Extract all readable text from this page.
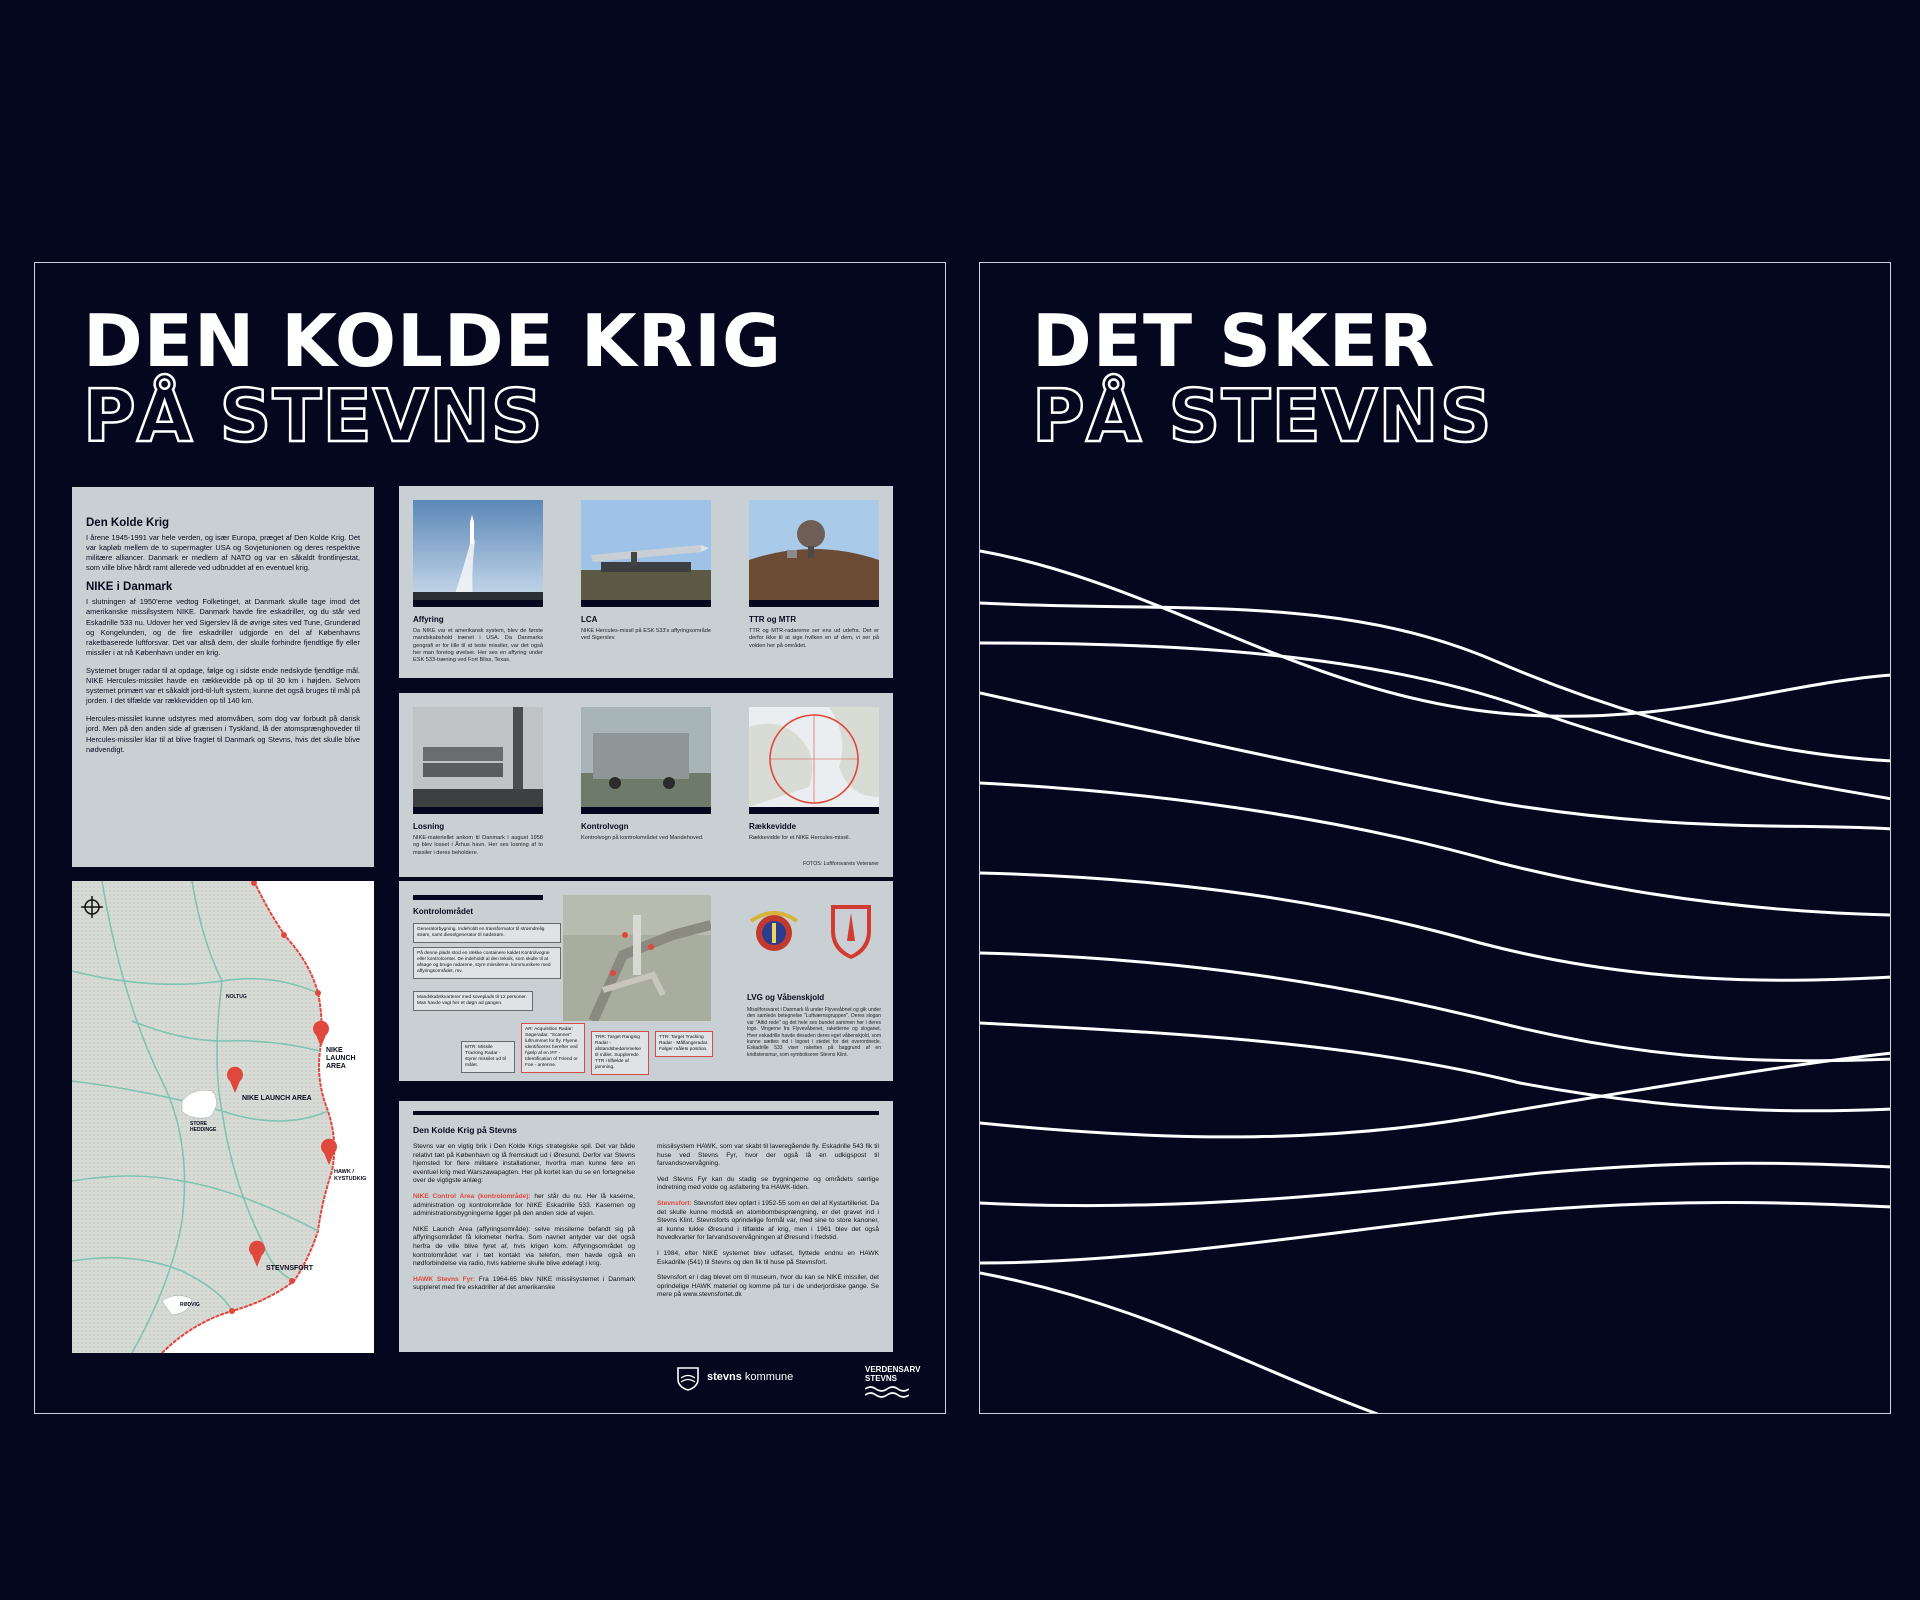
DEN KOLDE KRIG
PÅ STEVNS
Den Kolde Krig

I årene 1945-1991 var hele verden, og især Europa, præget af Den Kolde Krig. Det var kapløb mellem de to supermagter USA og Sovjetunionen og deres respektive militære alliancer. Danmark er medlem af NATO og var en såkaldt frontlinjestat, som ville blive hårdt ramt allerede ved udbruddet af en eventuel krig.

NIKE i Danmark

I slutningen af 1950'erne vedtog Folketinget, at Danmark skulle tage imod det amerikanske missilsystem NIKE. Danmark havde fire eskadriller, og du står ved Eskadrille 533 nu. Udover her ved Sigerslev lå de øvrige sites ved Tune, Grunderød og Kongelunden, og de fire eskadriller udgjorde en del af Københavns raketbaserede luftforsvar. Det var altså dem, der skulle forhindre fjendtlige fly eller missiler i at nå København under en krig.

Systemet bruger radar til at opdage, følge og i sidste ende nedskyde fjendtlige mål. NIKE Hercules-missilet havde en rækkevidde på op til 30 km i højden. Selvom systemet primært var et såkaldt jord-til-luft system, kunne det også bruges til mål på jorden. I det tilfælde var rækkevidden op til 140 km.

Hercules-missilet kunne udstyres med atomvåben, som dog var forbudt på dansk jord. Men på den anden side af grænsen i Tyskland, lå der atomsprænghoveder til Hercules-missiler klar til at blive fragtet til Danmark og Stevns, hvis det skulle blive nødvendigt.

Affyring

Da NIKE var et amerikansk system, blev de første mandskabshold trænet i USA. Da Danmarks geografi er for lille til at teste missiler, var det også her man foretog øvelser. Her ses en affyring under ESK 533-træning ved Fort Bliss, Texas.

LCA

NIKE Hercules-missil på ESK 533's affyringsområde ved Sigerslev.

TTR og MTR

TTR og MTR-radarerne ser ens ud udefra. Det er derfor ikke til at sige hvilken en af dem, vi ser på volden her på området.

Losning

NIKE-materiellet ankom til Danmark i august 1958 og blev losset i Århus havn. Her ses losning af to missiler i deres beholdere.

Kontrolvogn

Kontrolvogn på kontrolområdet ved Mandehoved.

Rækkevidde

Rækkevidde for et NIKE Hercules-missil.

FOTOS: Luftforsvarets Veteraner
Kontrolområdet
Generatorbygning. Indeholdt en transformator til strømdrelig strøm, samt dieselgenerator til nødstrøm.
På denne plads stod en række containere kaldet Kontrolvogne eller kontrolcenter. De indeholdt al den teknik, som skulle til at afsøge og bruge radarene, styre missilerne, kommunikere med affyringsområdet, mv.
Mandskabskvarterer med soveplads til 12 personer. Man havde vagt her et døgn ad gangen.
MTR: Missile Tracking Radar - styrer missilet ud til målet.
AR: Acquisition Radar: Søgeradar. "Scanner" luftrummet for fly. Flyene identificeres herefter ved hjælp af en IFF - Identification of Friend or Foe - antenne.
TRR: Target Ranging Radar - afstandsbedømmelse til målet. Supplerede TTR i tilfælde af jamming.
TTR: Target Tracking Radar - Målfangeradar. Følger målets position.
LVG og Våbenskjold
Missilforsvaret i Danmark lå under Flyvevåbnet og gik under den samlede betegnelse "Luftværnsgruppen". Deres slogan var "Altid rede" og det hele ses bundet sammen her i deres logo. Vingerne fra Flyvevåbenet, raketterne og sloganet. Hver eskadrille havde desuden deres eget våbenskjold, som kunne sættes ind i logoet i stedet for det overordnede. Eskadrille 533 viser raketten på baggrund af en kridtstensmur, som symboliserer Stevns Klint.
Den Kolde Krig på Stevns

Stevns var en vigtig brik i Den Kolde Krigs strategiske spil. Det var både relativt tæt på København og lå fremskudt ud i Øresund. Derfor var Stevns hjemsted for flere militære installationer, hvorfra man kunne føre en eventuel krig med Warszawapagten. Her på kortet kan du se en fortegnelse over de vigtigste anlæg:

NIKE Control Area (kontrolområde): her står du nu. Her lå kaserne, administration og kontrolområde for NIKE Eskadrille 533. Kasernen og administrationsbygningerne ligger på den anden side af vejen.

NIKE Launch Area (affyringsområde): selve missilerne befandt sig på affyringsområdet få kilometer herfra. Som navnet antyder var det også herfra de ville blive fyret af, hvis krigen kom. Affyringsområdet og kontrolområdet var i tæt kontakt via telefon, men havde også en nødforbindelse via radio, hvis kablerne skulle blive ødelagt i krig.

HAWK Stevns Fyr: Fra 1964-65 blev NIKE missilsystemet i Danmark suppleret med fire eskadriller af det amerikanske

missilsystem HAWK, som var skabt til laveregående fly. Eskadrille 543 fik til huse ved Stevns Fyr, hvor der også lå en udkigspost til farvandsovervågning.

Ved Stevns Fyr kan du stadig se bygningerne og områdets særlige indretning med volde og asfaltering fra HAWK-tiden.

Stevnsfort: Stevnsfort blev opført i 1952-55 som en del af Kystartilleriet. Da det skulle kunne modstå en atombombesprængning, er det gravet ind i Stevns Klint. Stevnsforts oprindelige formål var, med sine to store kanoner, at kunne lukke Øresund i tilfælde af krig, men i 1961 blev det også hovedkvarter for farvandsovervågningen af Øresund i fredstid.

I 1984, efter NIKE systemet blev udfaset, flyttede endnu en HAWK Eskadrille (541) til Stevns og den fik til huse på Stevnsfort.

Stevnsfort er i dag blevet om til museum, hvor du kan se NIKE missiler, det oprindelige HAWK materiel og komme på tur i de underjordiske gange. Se mere på www.stevnsfortet.dk

NOLTUG
NIKE LAUNCH AREA
NIKE LAUNCH AREA
STORE HEDDINGE
HAWK / KYSTUDKIG
STEVNSFORT
RØDVIG
stevns kommune
VERDENSARV
STEVNS
DET SKER
PÅ STEVNS
